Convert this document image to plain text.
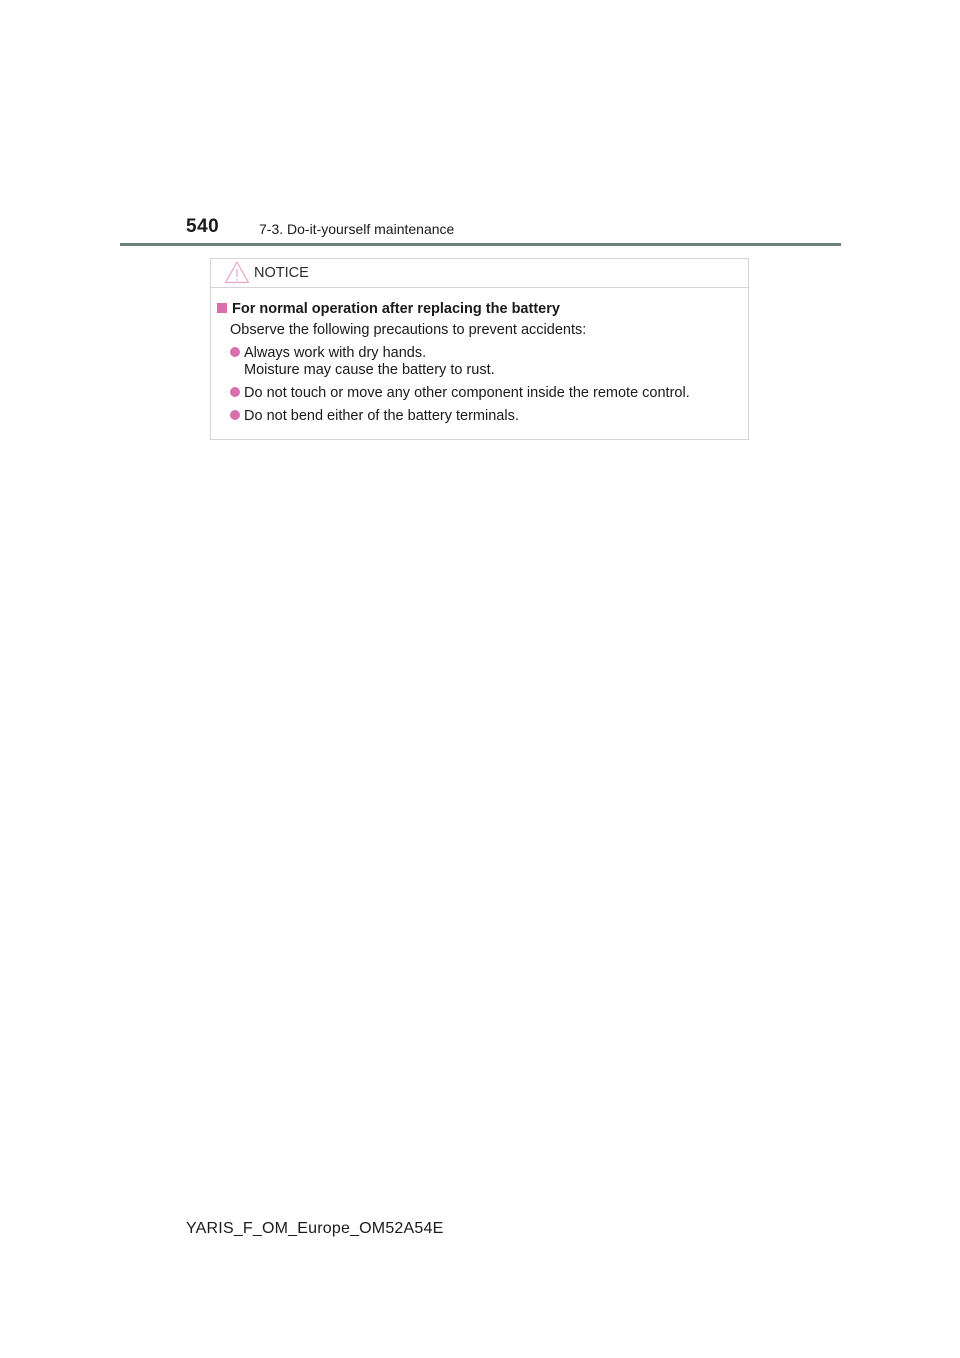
540	7-3. Do-it-yourself maintenance
NOTICE
For normal operation after replacing the battery
Observe the following precautions to prevent accidents:
Always work with dry hands.
Moisture may cause the battery to rust.
Do not touch or move any other component inside the remote control.
Do not bend either of the battery terminals.
YARIS_F_OM_Europe_OM52A54E
